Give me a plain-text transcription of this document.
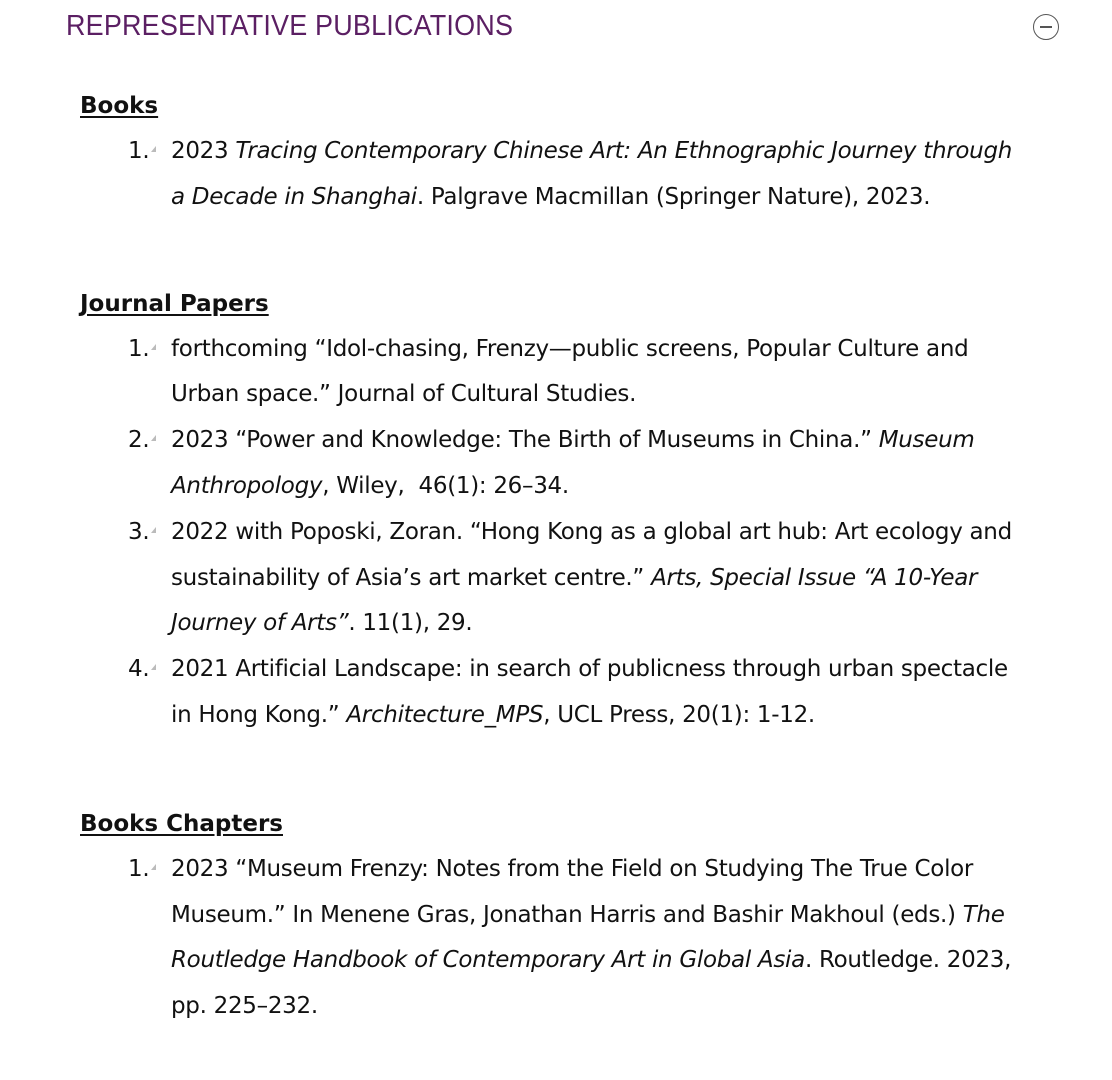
REPRESENTATIVE PUBLICATIONS
Books
1. 2023 Tracing Contemporary Chinese Art: An Ethnographic Journey through a Decade in Shanghai. Palgrave Macmillan (Springer Nature), 2023.
Journal Papers
1. forthcoming “Idol-chasing, Frenzy—public screens, Popular Culture and Urban space.” Journal of Cultural Studies.
2. 2023 “Power and Knowledge: The Birth of Museums in China.” Museum Anthropology, Wiley,  46(1): 26–34.
3. 2022 with Poposki, Zoran. “Hong Kong as a global art hub: Art ecology and sustainability of Asia’s art market centre.” Arts, Special Issue “A 10-Year Journey of Arts”. 11(1), 29.
4. 2021 Artificial Landscape: in search of publicness through urban spectacle in Hong Kong.” Architecture_MPS, UCL Press, 20(1): 1-12.
Books Chapters
1. 2023 “Museum Frenzy: Notes from the Field on Studying The True Color Museum.” In Menene Gras, Jonathan Harris and Bashir Makhoul (eds.) The Routledge Handbook of Contemporary Art in Global Asia. Routledge. 2023, pp. 225–232.
